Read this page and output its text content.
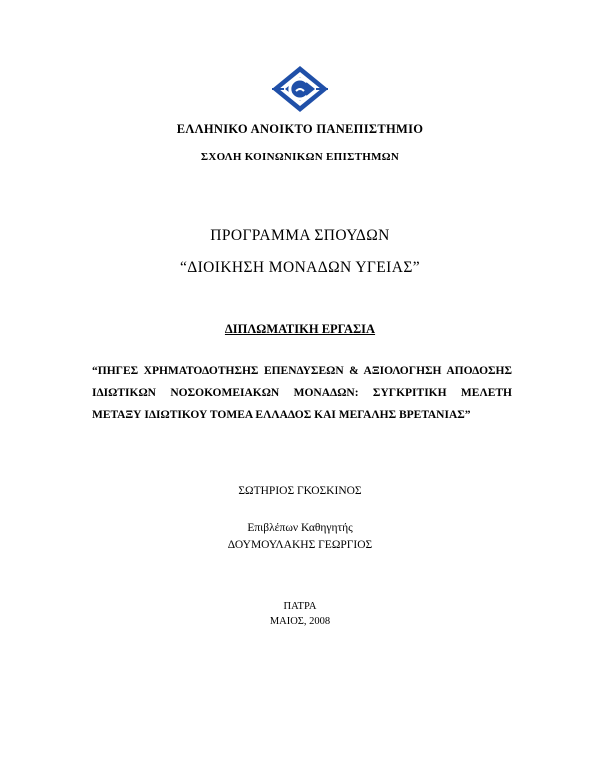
ΕΛΛΗΝΙΚΟ ΑΝΟΙΚΤΟ ΠΑΝΕΠΙΣΤΗΜΙΟ
ΣΧΟΛΗ ΚΟΙΝΩΝΙΚΩΝ ΕΠΙΣΤΗΜΩΝ
ΠΡΟΓΡΑΜΜΑ ΣΠΟΥΔΩΝ
“ΔΙΟΙΚΗΣΗ ΜΟΝΑΔΩΝ ΥΓΕΙΑΣ”
ΔΙΠΛΩΜΑΤΙΚΗ ΕΡΓΑΣΙΑ
“ΠΗΓΕΣ ΧΡΗΜΑΤΟΔΟΤΗΣΗΣ ΕΠΕΝΔΥΣΕΩΝ & ΑΞΙΟΛΟΓΗΣΗ ΑΠΟΔΟΣΗΣ
ΙΔΙΩΤΙΚΩΝ ΝΟΣΟΚΟΜΕΙΑΚΩΝ ΜΟΝΑΔΩΝ: ΣΥΓΚΡΙΤΙΚΗ ΜΕΛΕΤΗ
ΜΕΤΑΞΥ ΙΔΙΩΤΙΚΟΥ ΤΟΜΕΑ ΕΛΛΑΔΟΣ ΚΑΙ ΜΕΓΑΛΗΣ ΒΡΕΤΑΝΙΑΣ”
ΣΩΤΗΡΙΟΣ ΓΚΟΣΚΙΝΟΣ
Επιβλέπων Καθηγητής
ΔΟΥΜΟΥΛΑΚΗΣ ΓΕΩΡΓΙΟΣ
ΠΑΤΡΑ
ΜΑΙΟΣ, 2008
